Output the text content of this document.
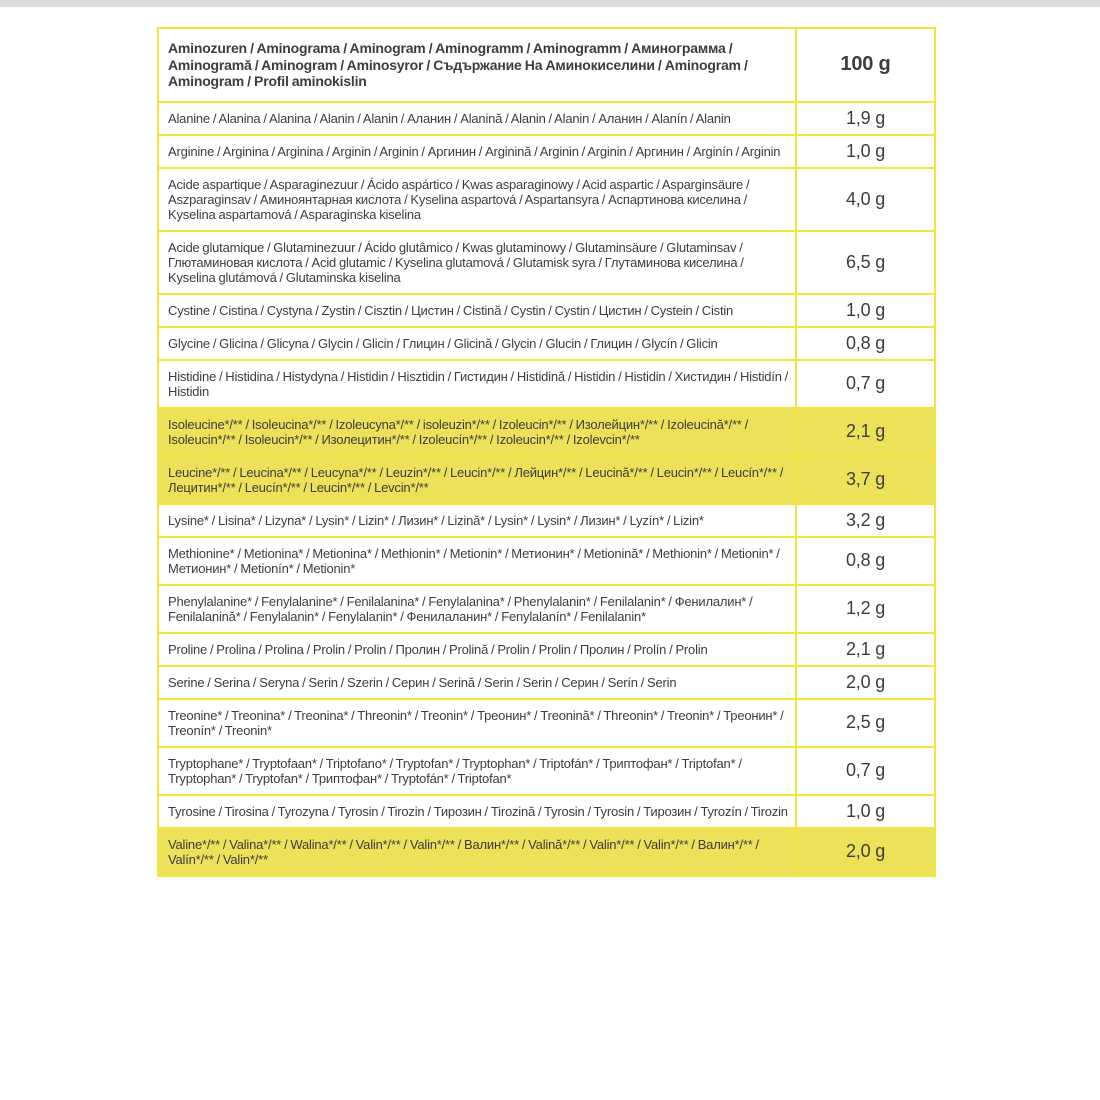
Aminozuren / Aminograma / Aminogram / Aminogramm / Aminogramm / Аминограмма / Aminogramă / Aminogram / Aminosyror / Съдържание На Аминокиселини / Aminogram / Aminogram / Profil aminokislin	100 g
Alanine / Alanina / Alanina / Alanin / Alanin / Аланин / Alanină / Alanin / Alanin / Аланин / Alanín / Alanin	1,9 g
Arginine / Arginina / Arginina / Arginin / Arginin / Аргинин / Arginină / Arginin / Arginin / Аргинин / Arginín / Arginin	1,0 g
Acide aspartique / Asparaginezuur / Ácido aspártico / Kwas asparaginowy / Acid aspartic / Asparginsäure / Aszparaginsav / Аминоянтарная кислота / Kyselina aspartová / Aspartansyra / Аспартинова киселина / Kyselina aspartamová / Asparaginska kiselina	4,0 g
Acide glutamique / Glutaminezuur / Ácido glutâmico / Kwas glutaminowy / Glutaminsäure / Glutaminsav / Глютаминовая кислота / Acid glutamic / Kyselina glutamová / Glutamisk syra / Глутаминова киселина / Kyselina glutámová / Glutaminska kiselina	6,5 g
Cystine / Cistina / Cystyna / Zystin / Cisztin / Цистин / Cistină / Cystin / Cystin / Цистин / Cystein / Cistin	1,0 g
Glycine / Glicina / Glicyna / Glycin / Glicin / Глицин / Glicină / Glycin / Glucin / Глицин / Glycín / Glicin	0,8 g
Histidine / Histidina / Histydyna / Histidin / Hisztidin / Гистидин / Histidină / Histidin / Histidin / Хистидин / Histidín / Histidin	0,7 g
Isoleucine*/** / Isoleucina*/** / Izoleucyna*/** / isoleuzin*/** / Izoleucin*/** / Изолейцин*/** / Izoleucină*/** / Isoleucin*/** / Isoleucin*/** / Изолецитин*/** / Izoleucín*/** / Izoleucin*/** / Izolevcin*/**	2,1 g
Leucine*/** / Leucina*/** / Leucyna*/** / Leuzin*/** / Leucin*/** / Лейцин*/** / Leucină*/** / Leucin*/** / Leucín*/** / Лецитин*/** / Leucín*/** / Leucin*/** / Levcin*/**	3,7 g
Lysine* / Lisina* / Lizyna* / Lysin* / Lizin* / Лизин* / Lizină* / Lysin* / Lysin* / Лизин* / Lyzín* / Lizin*	3,2 g
Methionine* / Metionina* / Metionina* / Methionin* / Metionin* / Метионин* / Metionină* / Methionin* / Metionin* / Метионин* / Metionín* / Metionin*	0,8 g
Phenylalanine* / Fenylalanine* / Fenilalanina* / Fenylalanina* / Phenylalanin* / Fenilalanin* / Фенилалин* / Fenilalanină* / Fenylalanin* / Fenylalanin* / Фенилаланин* / Fenylalanín* / Fenilalanin*	1,2 g
Proline / Prolina / Prolina / Prolin / Prolin / Пролин / Prolină / Prolin / Prolin / Пролин / Prolín / Prolin	2,1 g
Serine / Serina / Seryna / Serin / Szerin / Серин / Serină / Serin / Serin / Серин / Serín / Serin	2,0 g
Treonine* / Treonina* / Treonina* / Threonin* / Treonin* / Треонин* / Treonină* / Threonin* / Treonin* / Треонин* / Treonín* / Treonin*	2,5 g
Tryptophane* / Tryptofaan* / Triptofano* / Tryptofan* / Tryptophan* / Triptofán* / Триптофан* / Triptofan* / Tryptophan* / Tryptofan* / Триптофан* / Tryptofán* / Triptofan*	0,7 g
Tyrosine / Tirosina / Tyrozyna / Tyrosin / Tirozin / Тирозин / Tirozină / Tyrosin / Tyrosin / Тирозин / Tyrozín / Tirozin	1,0 g
Valine*/** / Valina*/** / Walina*/** / Valin*/** / Valin*/** / Валин*/** / Valină*/** / Valin*/** / Valin*/** / Валин*/** / Valín*/** / Valin*/**	2,0 g
